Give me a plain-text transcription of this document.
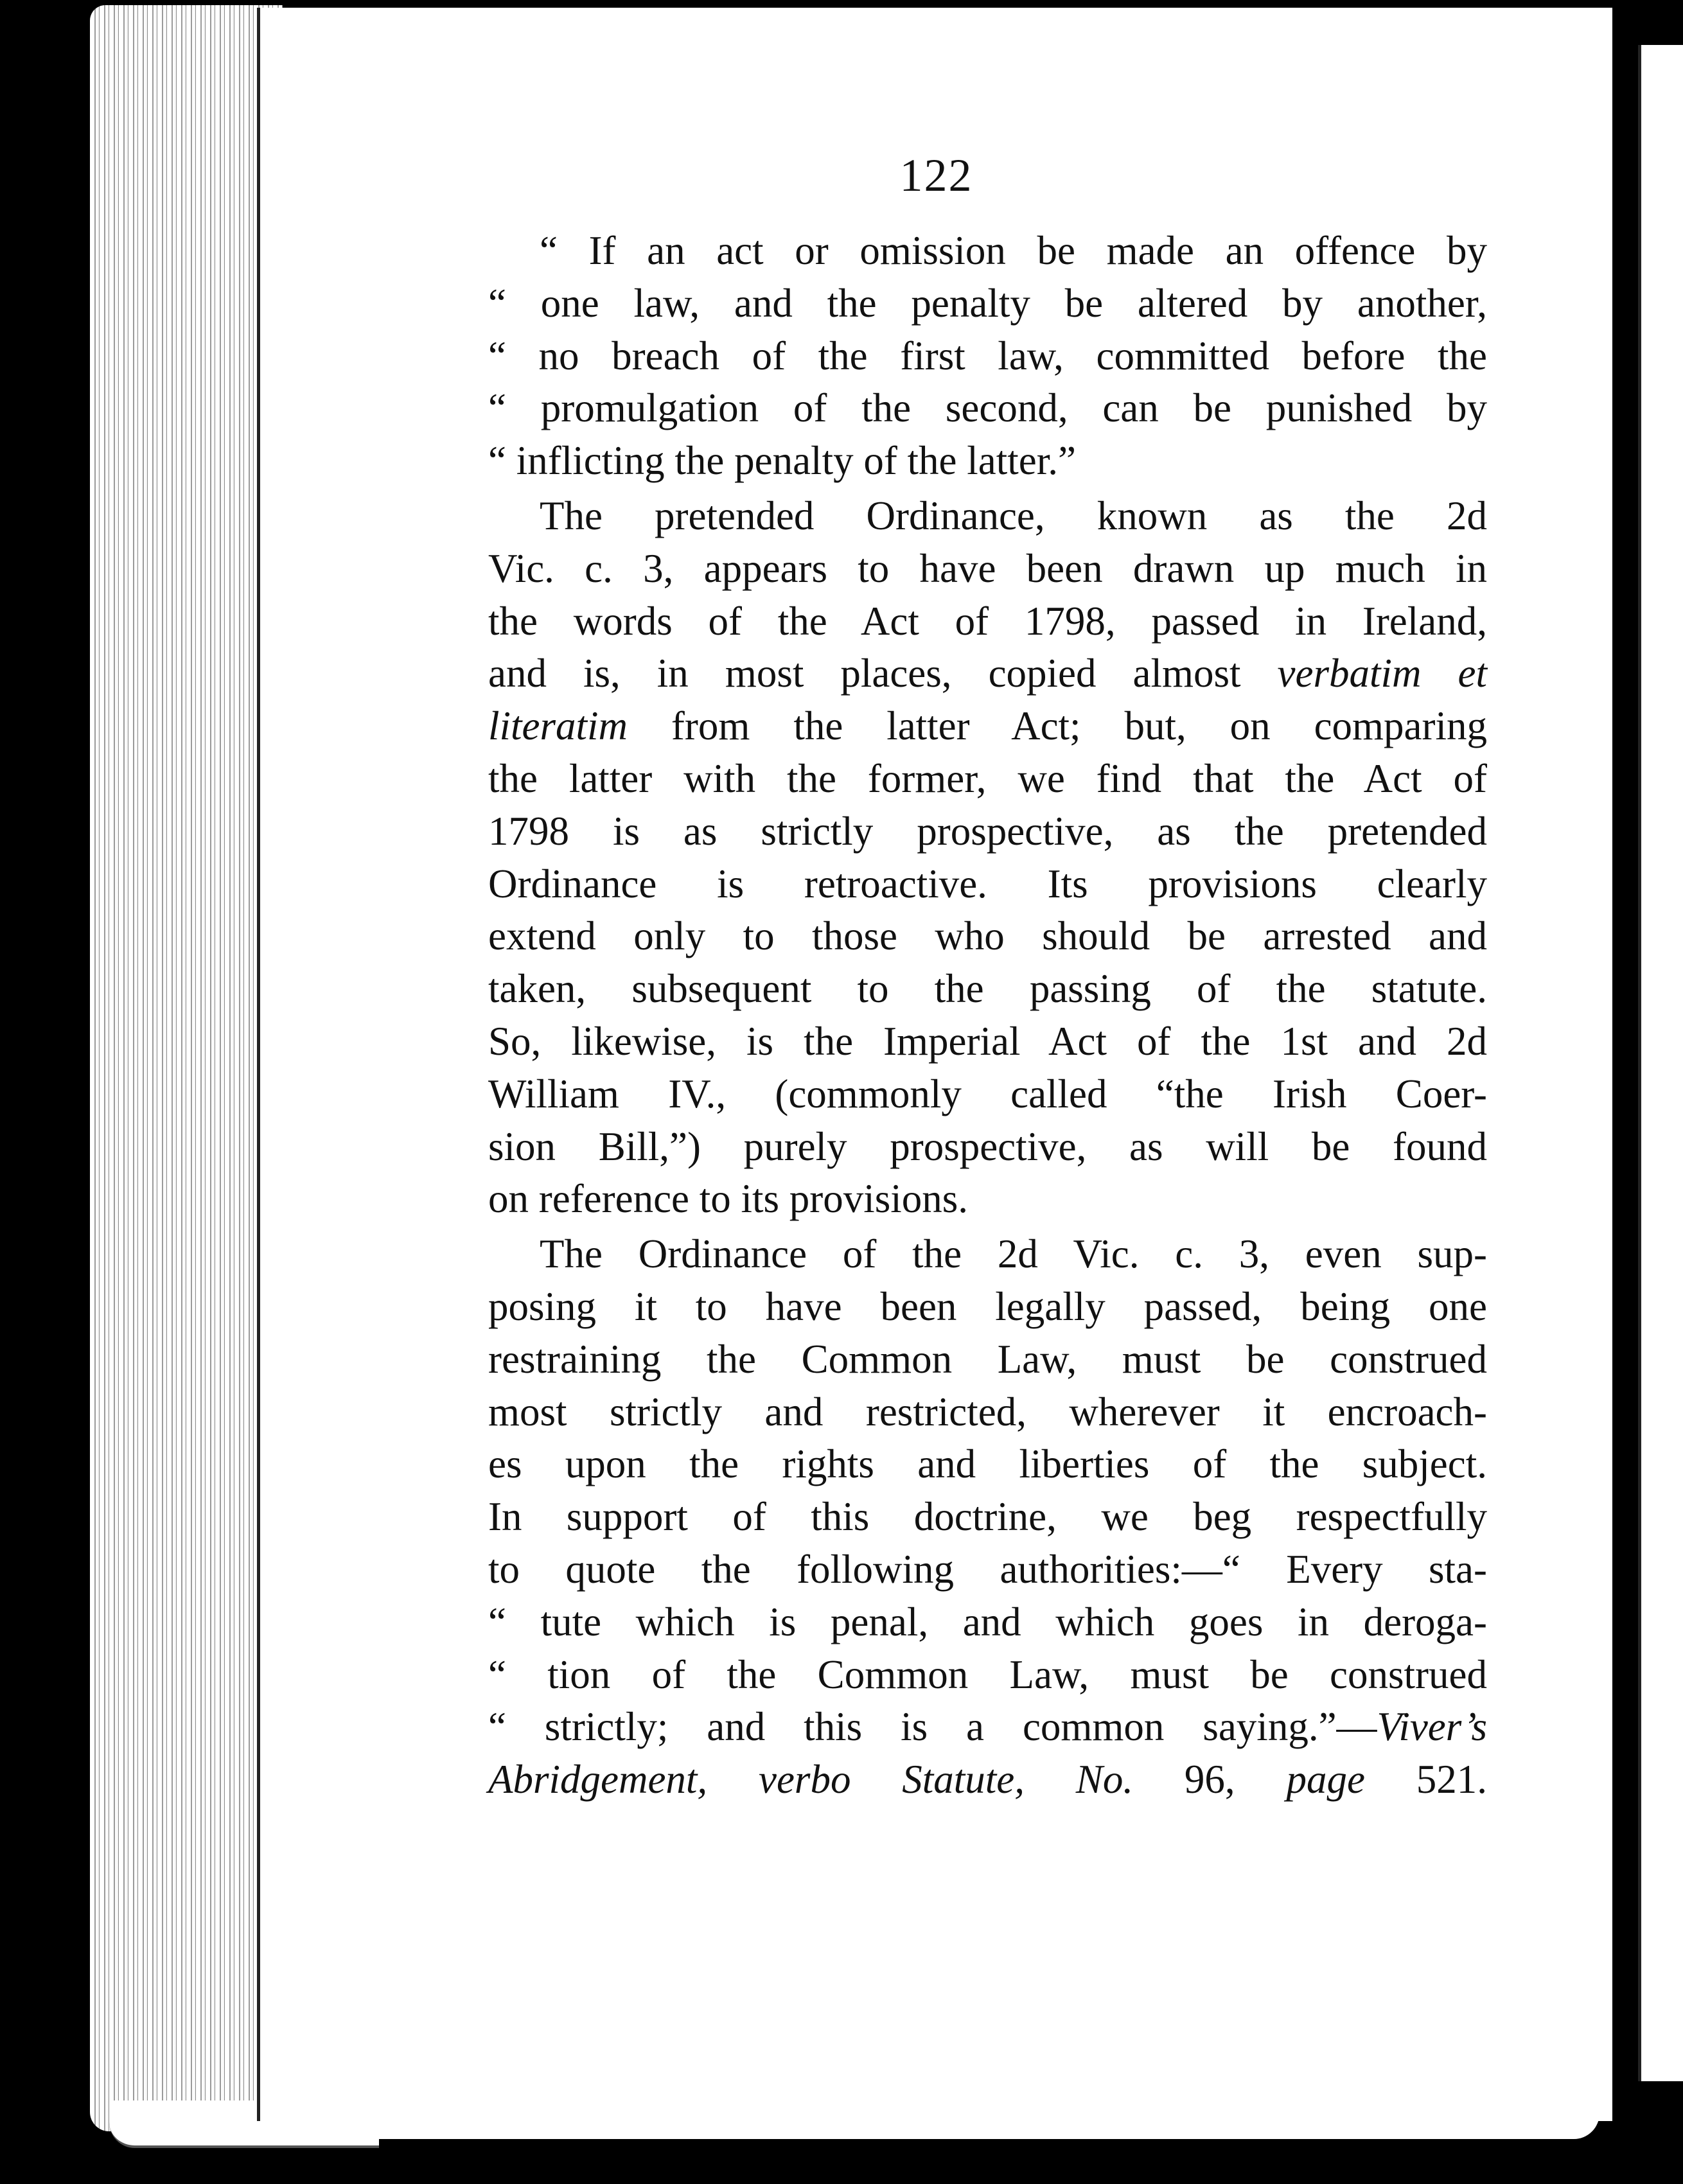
122
“ If an act or omission be made an offence by
“ one law, and the penalty be altered by another,
“ no breach of the first law, committed before the
“ promulgation of the second, can be punished by
“ inflicting the penalty of the latter.”
The pretended Ordinance, known as the 2d
Vic. c. 3, appears to have been drawn up much in
the words of the Act of 1798, passed in Ireland,
and is, in most places, copied almost verbatim et
literatim from the latter Act; but, on comparing
the latter with the former, we find that the Act of
1798 is as strictly prospective, as the pretended
Ordinance is retroactive. Its provisions clearly
extend only to those who should be arrested and
taken, subsequent to the passing of the statute.
So, likewise, is the Imperial Act of the 1st and 2d
William IV., (commonly called “the Irish Coer-
sion Bill,”) purely prospective, as will be found
on reference to its provisions.
The Ordinance of the 2d Vic. c. 3, even sup-
posing it to have been legally passed, being one
restraining the Common Law, must be construed
most strictly and restricted, wherever it encroach-
es upon the rights and liberties of the subject.
In support of this doctrine, we beg respectfully
to quote the following authorities:—“ Every sta-
“ tute which is penal, and which goes in deroga-
“ tion of the Common Law, must be construed
“ strictly; and this is a common saying.”—Viver’s
Abridgement, verbo Statute, No. 96, page 521.
